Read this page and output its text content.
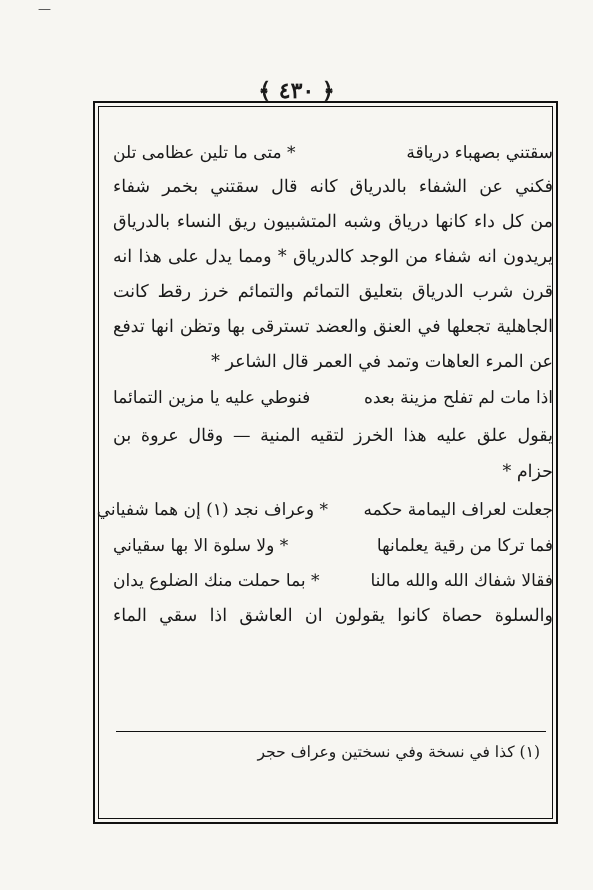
—
﴿ ٤٣٠ ﴾
سقتني بصهباء درياقة
* متى ما تلين عظامى تلن
فكني عن الشفاء بالدرياق كانه قال سقتني بخمر شفاء
من كل داء كانها درياق وشبه المتشبيون ريق النساء بالدرياق
يريدون انه شفاء من الوجد كالدرياق * ومما يدل على هذا انه
قرن شرب الدرياق بتعليق التمائم والتمائم خرز رقط كانت
الجاهلية تجعلها في العنق والعضد تسترقى بها وتظن انها تدفع
عن المرء العاهات وتمد في العمر قال الشاعر *
اذا مات لم تفلح مزينة بعده
فنوطي عليه يا مزين التمائما
يقول علق عليه هذا الخرز لتقيه المنية — وقال عروة بن
حزام *
جعلت لعراف اليمامة حكمه
* وعراف نجد (١) إن هما شفياني
فما تركا من رقية يعلمانها
* ولا سلوة الا بها سقياني
فقالا شفاك الله والله مالنا
* بما حملت منك الضلوع يدان
والسلوة حصاة كانوا يقولون ان العاشق اذا سقي الماء
(١) كذا في نسخة وفي نسختين وعراف حجر
